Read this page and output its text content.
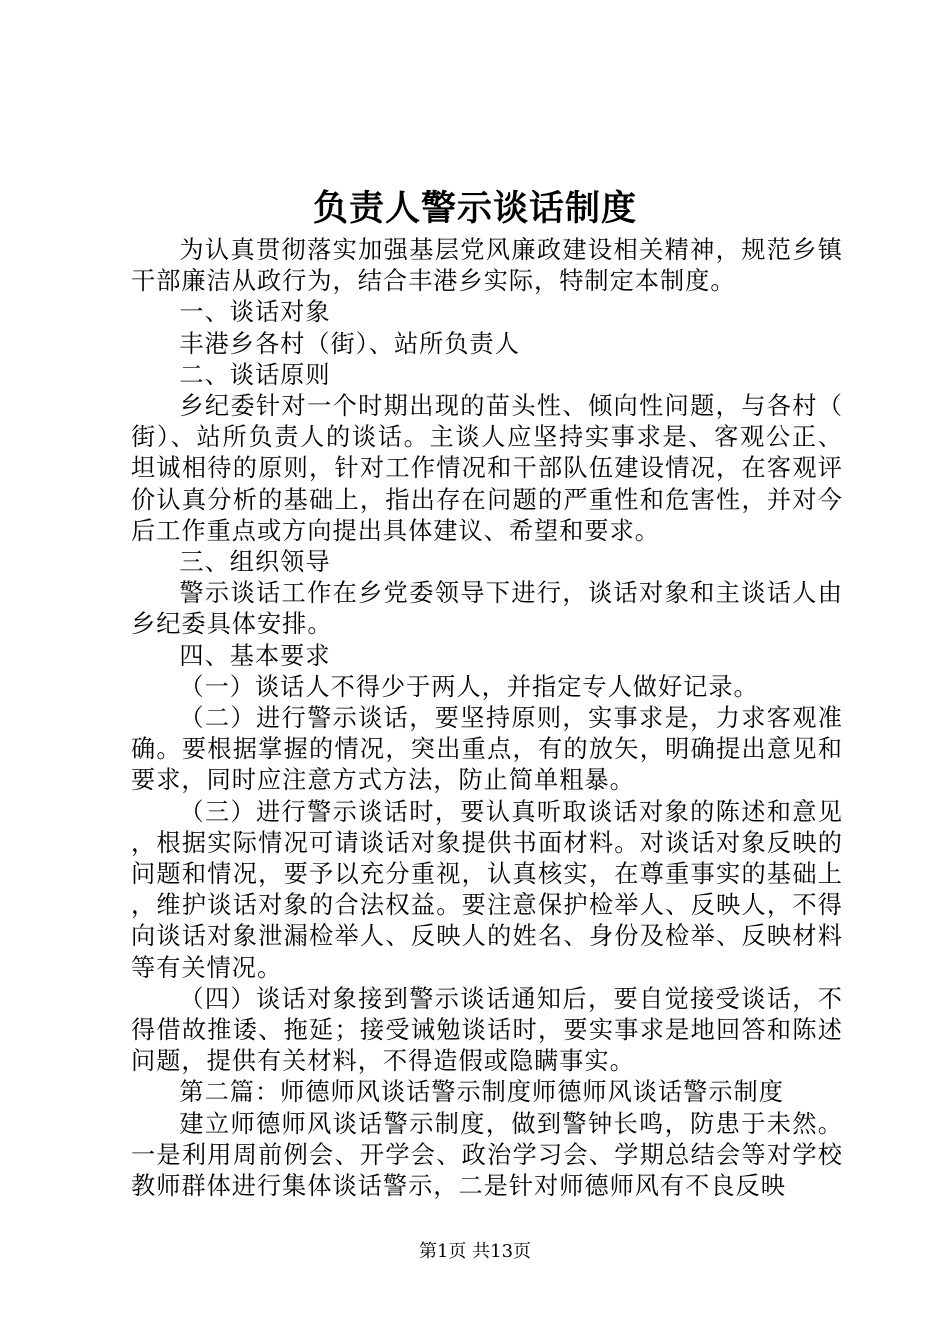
负责人警示谈话制度

为认真贯彻落实加强基层党风廉政建设相关精神，规范乡镇干部廉洁从政行为，结合丰港乡实际，特制定本制度。

一、谈话对象

丰港乡各村（街）、站所负责人

二、谈话原则

乡纪委针对一个时期出现的苗头性、倾向性问题，与各村（街）、站所负责人的谈话。主谈人应坚持实事求是、客观公正、坦诚相待的原则，针对工作情况和干部队伍建设情况，在客观评价认真分析的基础上，指出存在问题的严重性和危害性，并对今后工作重点或方向提出具体建议、希望和要求。

三、组织领导

警示谈话工作在乡党委领导下进行，谈话对象和主谈话人由乡纪委具体安排。

四、基本要求

（一）谈话人不得少于两人，并指定专人做好记录。

（二）进行警示谈话，要坚持原则，实事求是，力求客观准确。要根据掌握的情况，突出重点，有的放矢，明确提出意见和要求，同时应注意方式方法，防止简单粗暴。

（三）进行警示谈话时，要认真听取谈话对象的陈述和意见，根据实际情况可请谈话对象提供书面材料。对谈话对象反映的问题和情况，要予以充分重视，认真核实，在尊重事实的基础上，维护谈话对象的合法权益。要注意保护检举人、反映人，不得向谈话对象泄漏检举人、反映人的姓名、身份及检举、反映材料等有关情况。

（四）谈话对象接到警示谈话通知后，要自觉接受谈话，不得借故推诿、拖延；接受诫勉谈话时，要实事求是地回答和陈述问题，提供有关材料，不得造假或隐瞒事实。

第二篇：师德师风谈话警示制度师德师风谈话警示制度

建立师德师风谈话警示制度，做到警钟长鸣，防患于未然。一是利用周前例会、开学会、政治学习会、学期总结会等对学校教师群体进行集体谈话警示，二是针对师德师风有不良反映

第1页 共13页
